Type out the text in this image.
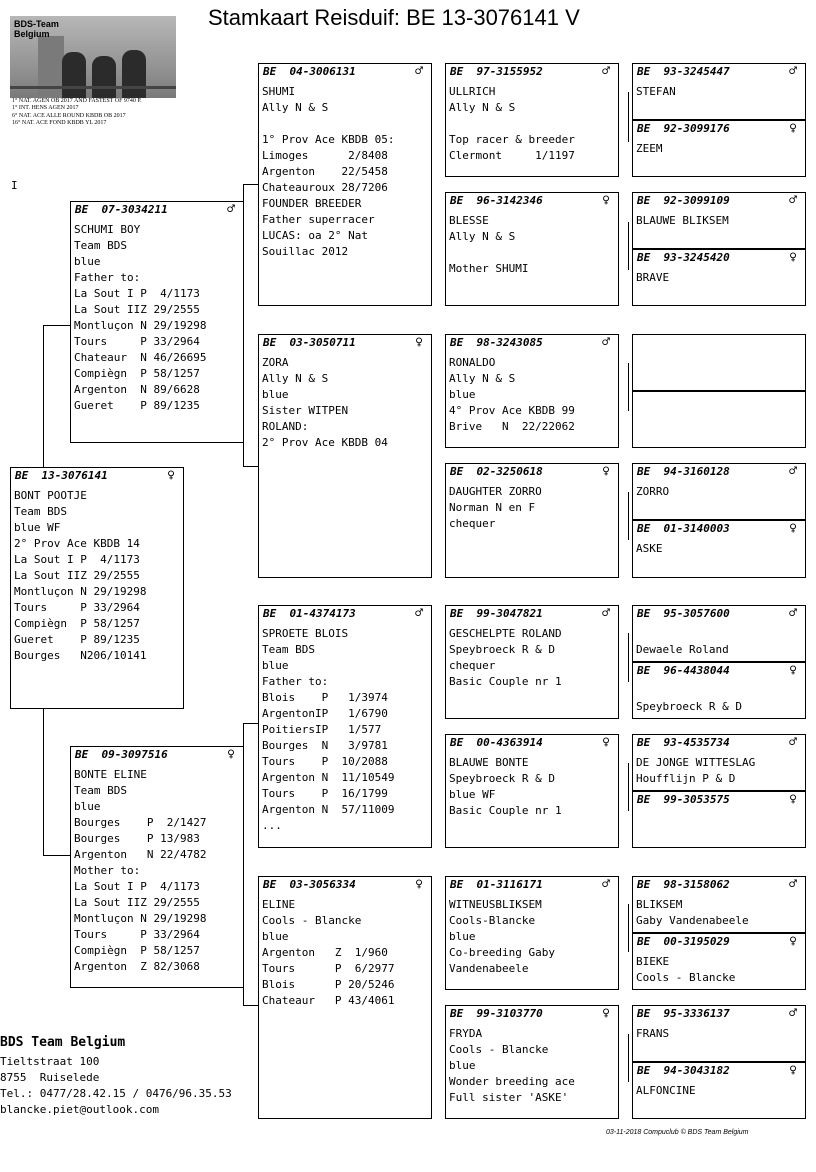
Stamkaart Reisduif: BE 13-3076141 V
BDS-Team
Belgium
1° NAT. AGEN OB 2017 AND FASTEST OF 9740 P.
1° INT. HENS AGEN 2017
6° NAT. ACE ALLE ROUND KBDB OB 2017
16° NAT. ACE FOND KBDB YL 2017
I
BE 13-3076141	♀
BONT POOTJE
Team BDS
blue WF
2° Prov Ace KBDB 14
La Sout I P  4/1173
La Sout IIZ 29/2555
Montluçon N 29/19298
Tours     P 33/2964
Compiègn  P 58/1257
Gueret    P 89/1235
Bourges   N206/10141
BE 07-3034211	♂
SCHUMI BOY
Team BDS
blue
Father to:
La Sout I P  4/1173
La Sout IIZ 29/2555
Montluçon N 29/19298
Tours     P 33/2964
Chateaur  N 46/26695
Compiègn  P 58/1257
Argenton  N 89/6628
Gueret    P 89/1235
BE 09-3097516	♀
BONTE ELINE
Team BDS
blue
Bourges    P  2/1427
Bourges    P 13/983
Argenton   N 22/4782
Mother to:
La Sout I P  4/1173
La Sout IIZ 29/2555
Montluçon N 29/19298
Tours     P 33/2964
Compiègn  P 58/1257
Argenton  Z 82/3068
BE 04-3006131	♂
SHUMI
Ally N & S

1° Prov Ace KBDB 05:
Limoges      2/8408
Argenton    22/5458
Chateauroux 28/7206
FOUNDER BREEDER
Father superracer
LUCAS: oa 2° Nat
Souillac 2012
BE 03-3050711	♀
ZORA
Ally N & S
blue
Sister WITPEN
ROLAND:
2° Prov Ace KBDB 04
BE 01-4374173	♂
SPROETE BLOIS
Team BDS
blue
Father to:
Blois    P   1/3974
ArgentonIP   1/6790
PoitiersIP   1/577
Bourges  N   3/9781
Tours    P  10/2088
Argenton N  11/10549
Tours    P  16/1799
Argenton N  57/11009
...
BE 03-3056334	♀
ELINE
Cools - Blancke
blue
Argenton   Z  1/960
Tours      P  6/2977
Blois      P 20/5246
Chateaur   P 43/4061
BE 97-3155952	♂
ULLRICH
Ally N & S

Top racer & breeder
Clermont     1/1197
BE 96-3142346	♀
BLESSE
Ally N & S

Mother SHUMI
BE 98-3243085	♂
RONALDO
Ally N & S
blue
4° Prov Ace KBDB 99
Brive   N  22/22062
BE 02-3250618	♀
DAUGHTER ZORRO
Norman N en F
chequer
BE 99-3047821	♂
GESCHELPTE ROLAND
Speybroeck R & D
chequer
Basic Couple nr 1
BE 00-4363914	♀
BLAUWE BONTE
Speybroeck R & D
blue WF
Basic Couple nr 1
BE 01-3116171	♂
WITNEUSBLIKSEM
Cools-Blancke
blue
Co-breeding Gaby
Vandenabeele
BE 99-3103770	♀
FRYDA
Cools - Blancke
blue
Wonder breeding ace
Full sister 'ASKE'
BE 93-3245447	♂
STEFAN
BE 92-3099176	♀
ZEEM
BE 92-3099109	♂
BLAUWE BLIKSEM
BE 93-3245420	♀
BRAVE

BE 94-3160128	♂
ZORRO
BE 01-3140003	♀
ASKE
BE 95-3057600	♂

Dewaele Roland
BE 96-4438044	♀

Speybroeck R & D
BE 93-4535734	♂
DE JONGE WITTESLAG
Houfflijn P & D
BE 99-3053575	♀
BE 98-3158062	♂
BLIKSEM
Gaby Vandenabeele
BE 00-3195029	♀
BIEKE
Cools - Blancke
BE 95-3336137	♂
FRANS
BE 94-3043182	♀
ALFONCINE
BDS Team Belgium
Tieltstraat 100
8755  Ruiselede
Tel.: 0477/28.42.15 / 0476/96.35.53
blancke.piet@outlook.com
03-11-2018 Compuclub © BDS Team Belgium
